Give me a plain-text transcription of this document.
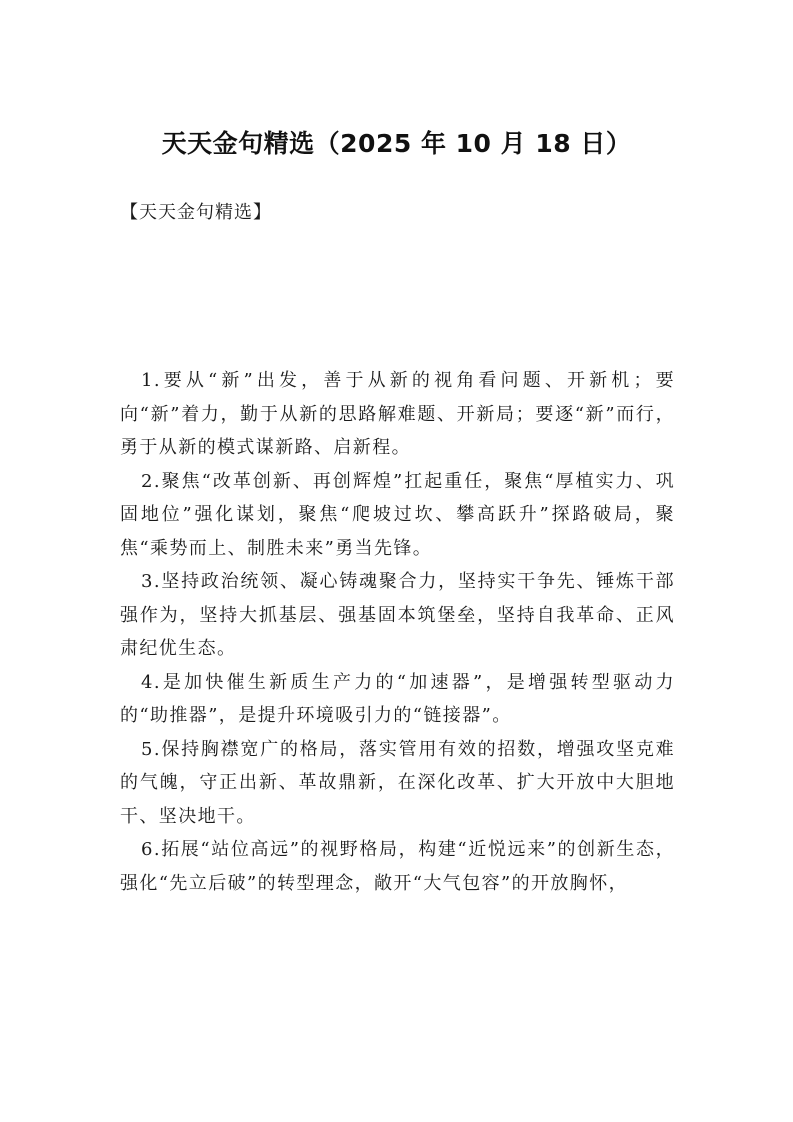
天天金句精选（2025 年 10 月 18 日）
【天天金句精选】

1.要从“新”出发，善于从新的视角看问题、开新机；要向“新”着力，勤于从新的思路解难题、开新局；要逐“新”而行，勇于从新的模式谋新路、启新程。

2.聚焦“改革创新、再创辉煌”扛起重任，聚焦“厚植实力、巩固地位”强化谋划，聚焦“爬坡过坎、攀高跃升”探路破局，聚焦“乘势而上、制胜未来”勇当先锋。

3.坚持政治统领、凝心铸魂聚合力，坚持实干争先、锤炼干部强作为，坚持大抓基层、强基固本筑堡垒，坚持自我革命、正风肃纪优生态。

4.是加快催生新质生产力的“加速器”，是增强转型驱动力的“助推器”，是提升环境吸引力的“链接器”。

5.保持胸襟宽广的格局，落实管用有效的招数，增强攻坚克难的气魄，守正出新、革故鼎新，在深化改革、扩大开放中大胆地干、坚决地干。

6.拓展“站位高远”的视野格局，构建“近悦远来”的创新生态，强化“先立后破”的转型理念，敞开“大气包容”的开放胸怀，
